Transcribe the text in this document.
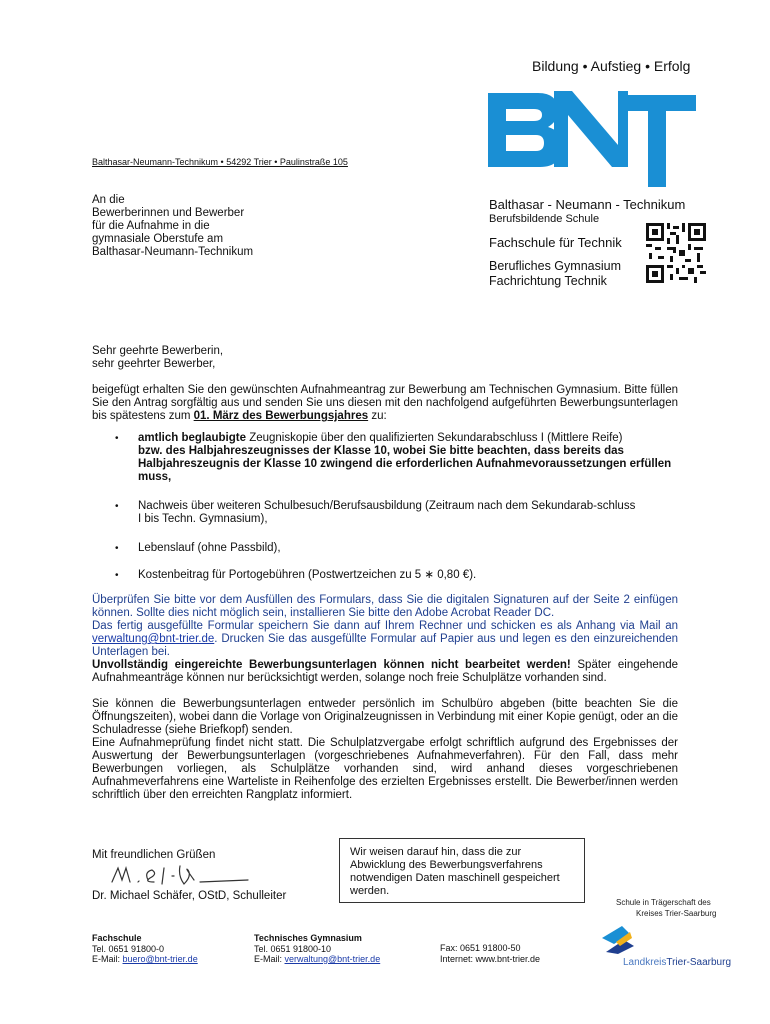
Bildung • Aufstieg • Erfolg
Balthasar-Neumann-Technikum • 54292 Trier • Paulinstraße 105
An die
Bewerberinnen und Bewerber
für die Aufnahme in die
gymnasiale Oberstufe am
Balthasar-Neumann-Technikum
Balthasar - Neumann - Technikum
Berufsbildende Schule
Fachschule für Technik
Berufliches Gymnasium
Fachrichtung Technik

Sehr geehrte Bewerberin,
sehr geehrter Bewerber,

beigefügt erhalten Sie den gewünschten Aufnahmeantrag zur Bewerbung am Technischen Gymnasium. Bitte füllen Sie den Antrag sorgfältig aus und senden Sie uns diesen mit den nachfolgend aufgeführten Bewerbungsunterlagen bis spätestens zum 01. März des Bewerbungsjahres zu:

• amtlich beglaubigte Zeugniskopie über den qualifizierten Sekundarabschluss I (Mittlere Reife)
bzw. des Halbjahreszeugnisses der Klasse 10, wobei Sie bitte beachten, dass bereits das Halbjahreszeugnis der Klasse 10 zwingend die erforderlichen Aufnahmevoraussetzungen erfüllen muss,

• Nachweis über weiteren Schulbesuch/Berufsausbildung (Zeitraum nach dem Sekundarab-schluss I bis Techn. Gymnasium),

• Lebenslauf (ohne Passbild),

• Kostenbeitrag für Portogebühren (Postwertzeichen zu 5 ∗ 0,80 €).

Überprüfen Sie bitte vor dem Ausfüllen des Formulars, dass Sie die digitalen Signaturen auf der Seite 2 einfügen können. Sollte dies nicht möglich sein, installieren Sie bitte den Adobe Acrobat Reader DC.

Das fertig ausgefüllte Formular speichern Sie dann auf Ihrem Rechner und schicken es als Anhang via Mail an verwaltung@bnt-trier.de. Drucken Sie das ausgefüllte Formular auf Papier aus und legen es den einzureichenden Unterlagen bei.

Unvollständig eingereichte Bewerbungsunterlagen können nicht bearbeitet werden! Später eingehende Aufnahmeanträge können nur berücksichtigt werden, solange noch freie Schulplätze vorhanden sind.

Sie können die Bewerbungsunterlagen entweder persönlich im Schulbüro abgeben (bitte beachten Sie die Öffnungszeiten), wobei dann die Vorlage von Originalzeugnissen in Verbindung mit einer Kopie genügt, oder an die Schuladresse (siehe Briefkopf) senden.

Eine Aufnahmeprüfung findet nicht statt. Die Schulplatzvergabe erfolgt schriftlich aufgrund des Ergebnisses der Auswertung der Bewerbungsunterlagen (vorgeschriebenes Aufnahmeverfahren). Für den Fall, dass mehr Bewerbungen vorliegen, als Schulplätze vorhanden sind, wird anhand dieses vorgeschriebenen Aufnahmeverfahrens eine Warteliste in Reihenfolge des erzielten Ergebnisses erstellt. Die Bewerber/innen werden schriftlich über den erreichten Rangplatz informiert.

Wir weisen darauf hin, dass die zur Abwicklung des Bewerbungsverfahrens notwendigen Daten maschinell gespeichert werden.
Mit freundlichen Grüßen
Dr. Michael Schäfer, OStD, Schulleiter
Schule in Trägerschaft des
Kreises Trier-Saarburg
LandkreisTrier-Saarburg
Fachschule
Tel. 0651 91800-0
E-Mail: buero@bnt-trier.de
Technisches Gymnasium
Tel. 0651 91800-10
E-Mail: verwaltung@bnt-trier.de
Fax: 0651 91800-50
Internet: www.bnt-trier.de
